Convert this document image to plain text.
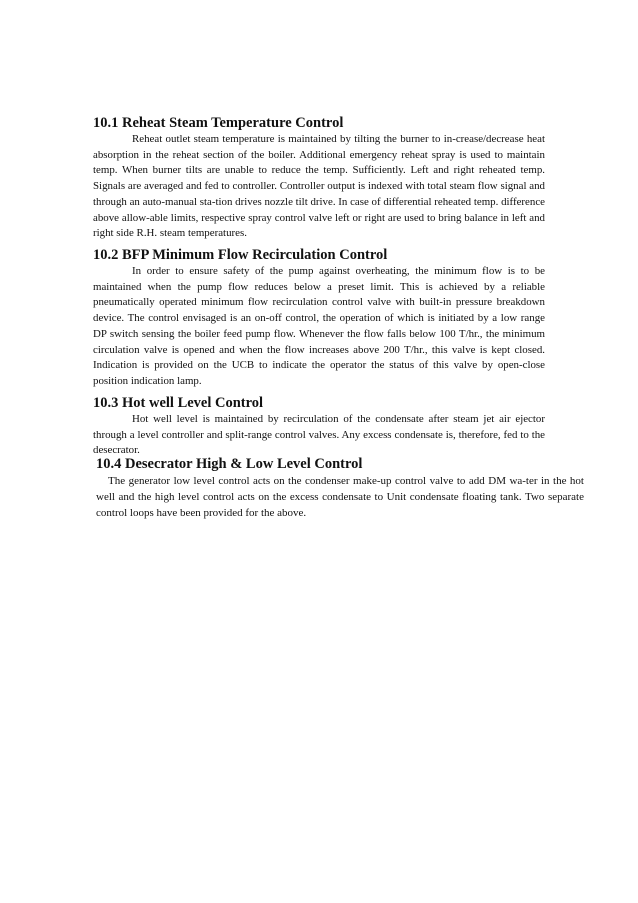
10.1 Reheat Steam Temperature Control

Reheat outlet steam temperature is maintained by tilting the burner to in-crease/decrease heat absorption in the reheat section of the boiler. Additional emergency reheat spray is used to maintain temp. When burner tilts are unable to reduce the temp. Sufficiently. Left and right reheated temp. Signals are averaged and fed to controller. Controller output is indexed with total steam flow signal and through an auto-manual sta-tion drives nozzle tilt drive. In case of differential reheated temp. difference above allow-able limits, respective spray control valve left or right are used to bring balance in left and right side R.H. steam temperatures.

10.2 BFP Minimum Flow Recirculation Control

In order to ensure safety of the pump against overheating, the minimum flow is to be maintained when the pump flow reduces below a preset limit. This is achieved by a reliable pneumatically operated minimum flow recirculation control valve with built-in pressure breakdown device. The control envisaged is an on-off control, the operation of which is initiated by a low range DP switch sensing the boiler feed pump flow. Whenever the flow falls below 100 T/hr., the minimum circulation valve is opened and when the flow increases above 200 T/hr., this valve is kept closed. Indication is provided on the UCB to indicate the operator the status of this valve by open-close position indication lamp.

10.3 Hot well Level Control

Hot well level is maintained by recirculation of the condensate after steam jet air ejector through a level controller and split-range control valves. Any excess condensate is, therefore, fed to the desecrator.

10.4 Desecrator High & Low Level Control

The generator low level control acts on the condenser make-up control valve to add DM wa-ter in the hot well and the high level control acts on the excess condensate to Unit condensate floating tank. Two separate control loops have been provided for the above.
